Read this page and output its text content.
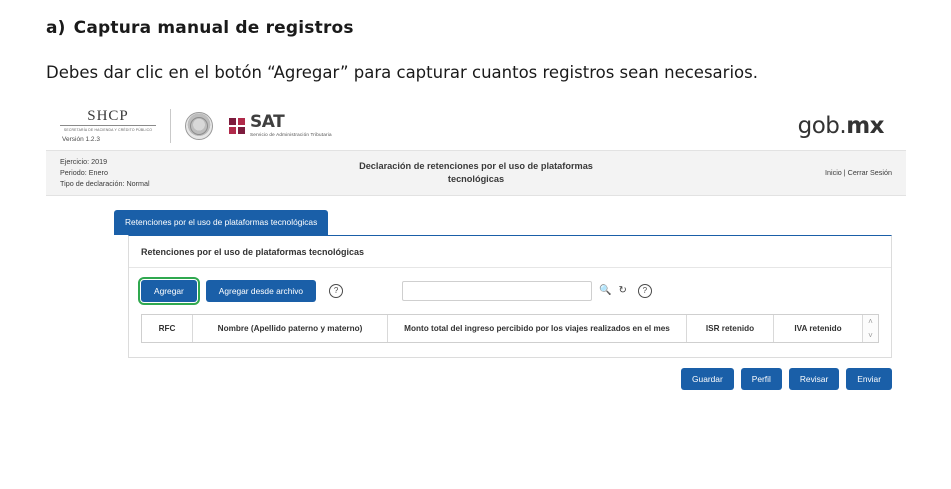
a) Captura manual de registros

Debes dar clic en el botón “Agregar” para capturar cuantos registros sean necesarios.

SHCP
SECRETARÍA DE HACIENDA Y CRÉDITO PÚBLICO
Versión 1.2.3
SAT
Servicio de Administración Tributaria	gob.mx
Ejercicio: 2019
Periodo: Enero
Tipo de declaración: Normal
Declaración de retenciones por el uso de plataformas
tecnológicas
Inicio | Cerrar Sesión
Retenciones por el uso de plataformas tecnológicas
Retenciones por el uso de plataformas tecnológicas
Agregar	Agregar desde archivo	?	🔍 ↻	?
RFC	Nombre (Apellido paterno y materno)	Monto total del ingreso percibido por los viajes realizados en el mes	ISR retenido	IVA retenido
˄
˅
Guardar	Perfil	Revisar	Enviar
